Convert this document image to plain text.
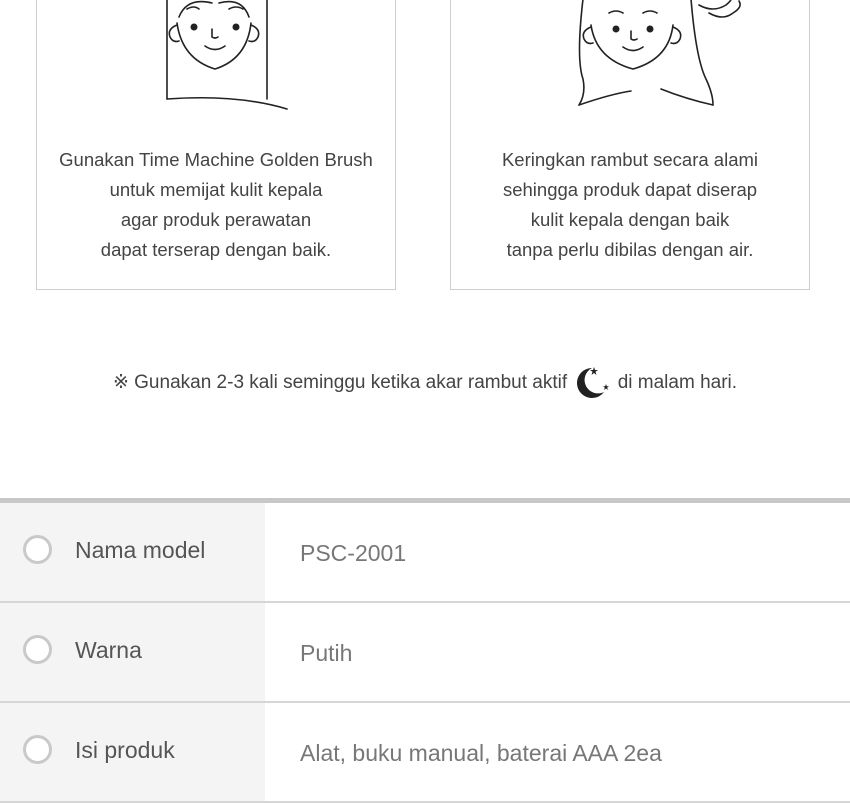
Gunakan Time Machine Golden Brush
untuk memijat kulit kepala
agar produk perawatan
dapat terserap dengan baik.
Keringkan rambut secara alami
sehingga produk dapat diserap
kulit kepala dengan baik
tanpa perlu dibilas dengan air.
※ Gunakan 2-3 kali seminggu ketika akar rambut aktif	di malam hari.
Nama model	PSC-2001
Warna	Putih
Isi produk	Alat, buku manual, baterai AAA 2ea
